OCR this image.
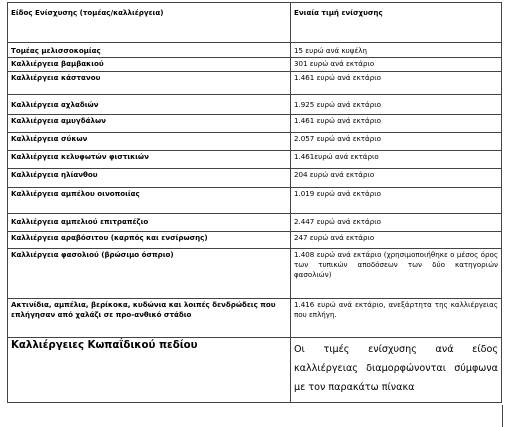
Είδος Ενίσχυσης (τομέας/καλλιέργεια)	Ενιαία τιμή ενίσχυσης
Τομέας μελισσοκομίας	15 ευρώ ανά κυψέλη
Καλλιέργεια βαμβακιού	301 ευρώ ανά εκτάριο
Καλλιέργεια κάστανου	1.461 ευρώ ανά εκτάριο
Καλλιέργεια αχλαδιών	1.925 ευρώ ανά εκτάριο
Καλλιέργεια αμυγδάλων	1.461 ευρώ ανά εκτάριο
Καλλιέργεια σύκων	2.057 ευρώ ανά εκτάριο
Καλλιέργεια κελυφωτών φιστικιών	1.461ευρώ ανά εκτάριο
Καλλιέργεια ηλίανθου	204 ευρώ ανά εκτάριο
Καλλιέργεια αμπέλου οινοποιίας	1.019 ευρώ ανά εκτάριο
Καλλιέργεια αμπελιού επιτραπέζιο	2.447 ευρώ ανά εκτάριο
Καλλιέργεια αραβόσιτου (καρπός και ενσίρωσης)	247 ευρώ ανά εκτάριο
Καλλιέργεια φασολιού (βρώσιμο όσπριο)	1.408 ευρώ ανά εκτάριο (χρησιμοποιήθηκε ο μέσος όρος των τυπικών αποδόσεων των δύο κατηγοριών φασολιών)
Ακτινίδια, αμπέλια, βερίκοκα, κυδώνια και λοιπές δενδρώδεις που επλήγησαν από χαλάζι σε προ-ανθικό στάδιο	1.416 ευρώ ανά εκτάριο, ανεξάρτητα της καλλιέργειας που επλήγη.
Καλλιέργειες Κωπαΐδικού πεδίου	Οι τιμές ενίσχυσης ανά είδος καλλιέργειας διαμορφώνονται σύμφωνα με τον παρακάτω πίνακα
